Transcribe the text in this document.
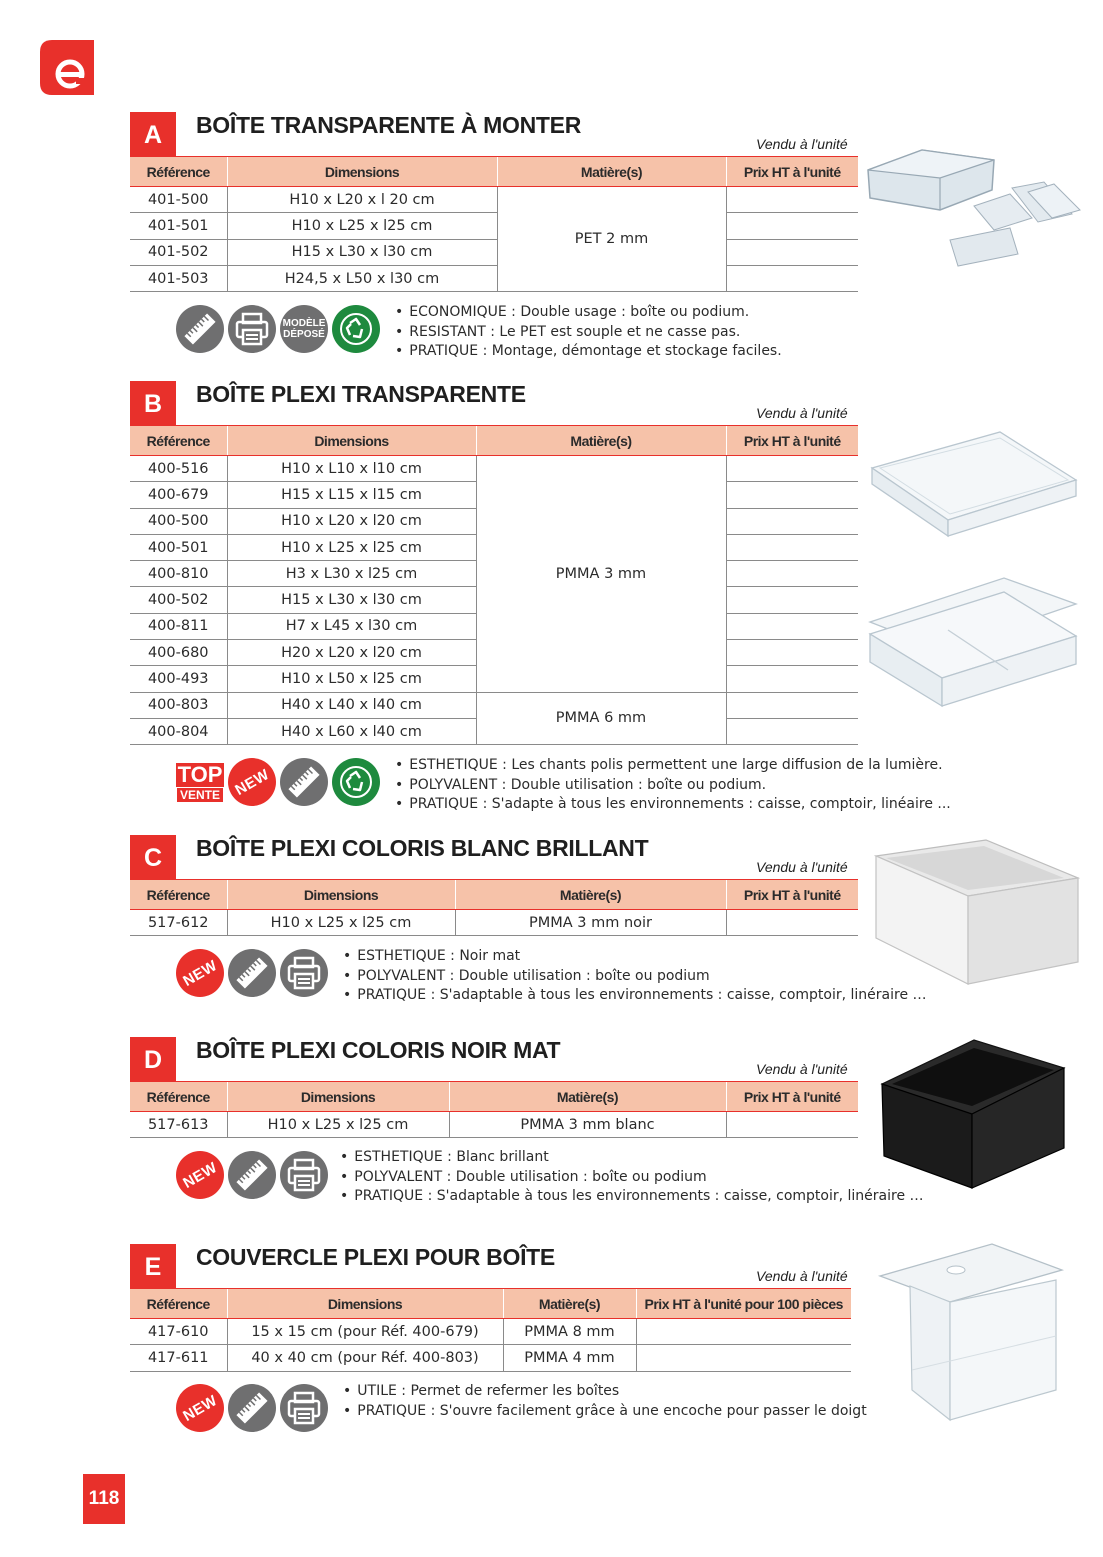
A	BOÎTE TRANSPARENTE À MONTER
Vendu à l'unité
Référence	Dimensions	Matière(s)	Prix HT à l'unité
401-500	H10 x L20 x l 20 cm	PET 2 mm	
401-501	H10 x L25 x l25 cm		
401-502	H15 x L30 x l30 cm		
401-503	H24,5 x L50 x l30 cm		
MODÈLE
DÉPOSÉ
• ECONOMIQUE : Double usage : boîte ou podium.
• RESISTANT : Le PET est souple et ne casse pas.
• PRATIQUE : Montage, démontage et stockage faciles.
B	BOÎTE PLEXI TRANSPARENTE
Vendu à l'unité
Référence	Dimensions	Matière(s)	Prix HT à l'unité
400-516	H10 x L10 x l10 cm	PMMA 3 mm	
400-679	H15 x L15 x l15 cm		
400-500	H10 x L20 x l20 cm		
400-501	H10 x L25 x l25 cm		
400-810	H3 x L30 x l25 cm		
400-502	H15 x L30 x l30 cm		
400-811	H7 x L45 x l30 cm		
400-680	H20 x L20 x l20 cm		
400-493	H10 x L50 x l25 cm		
400-803	H40 x L40 x l40 cm	PMMA 6 mm	
400-804	H40 x L60 x l40 cm		
TOP
VENTE NEW
• ESTHETIQUE : Les chants polis permettent une large diffusion de la lumière.
• POLYVALENT : Double utilisation : boîte ou podium.
• PRATIQUE : S'adapte à tous les environnements : caisse, comptoir, linéaire ...
C	BOÎTE PLEXI COLORIS BLANC BRILLANT
Vendu à l'unité
Référence	Dimensions	Matière(s)	Prix HT à l'unité
517-612	H10 x L25 x l25 cm	PMMA 3 mm noir	
NEW
• ESTHETIQUE : Noir mat
• POLYVALENT : Double utilisation : boîte ou podium
• PRATIQUE : S'adaptable à tous les environnements : caisse, comptoir, linéraire …
D	BOÎTE PLEXI COLORIS NOIR MAT
Vendu à l'unité
Référence	Dimensions	Matière(s)	Prix HT à l'unité
517-613	H10 x L25 x l25 cm	PMMA 3 mm blanc	
NEW
• ESTHETIQUE : Blanc brillant
• POLYVALENT : Double utilisation : boîte ou podium
• PRATIQUE : S'adaptable à tous les environnements : caisse, comptoir, linéraire …
E	COUVERCLE PLEXI POUR BOÎTE
Vendu à l'unité
Référence	Dimensions	Matière(s)	Prix HT à l'unité pour 100 pièces
417-610	15 x 15 cm (pour Réf. 400-679)	PMMA 8 mm	
417-611	40 x 40 cm (pour Réf. 400-803)	PMMA 4 mm	
NEW
• UTILE : Permet de refermer les boîtes
• PRATIQUE : S'ouvre facilement grâce à une encoche pour passer le doigt
118
